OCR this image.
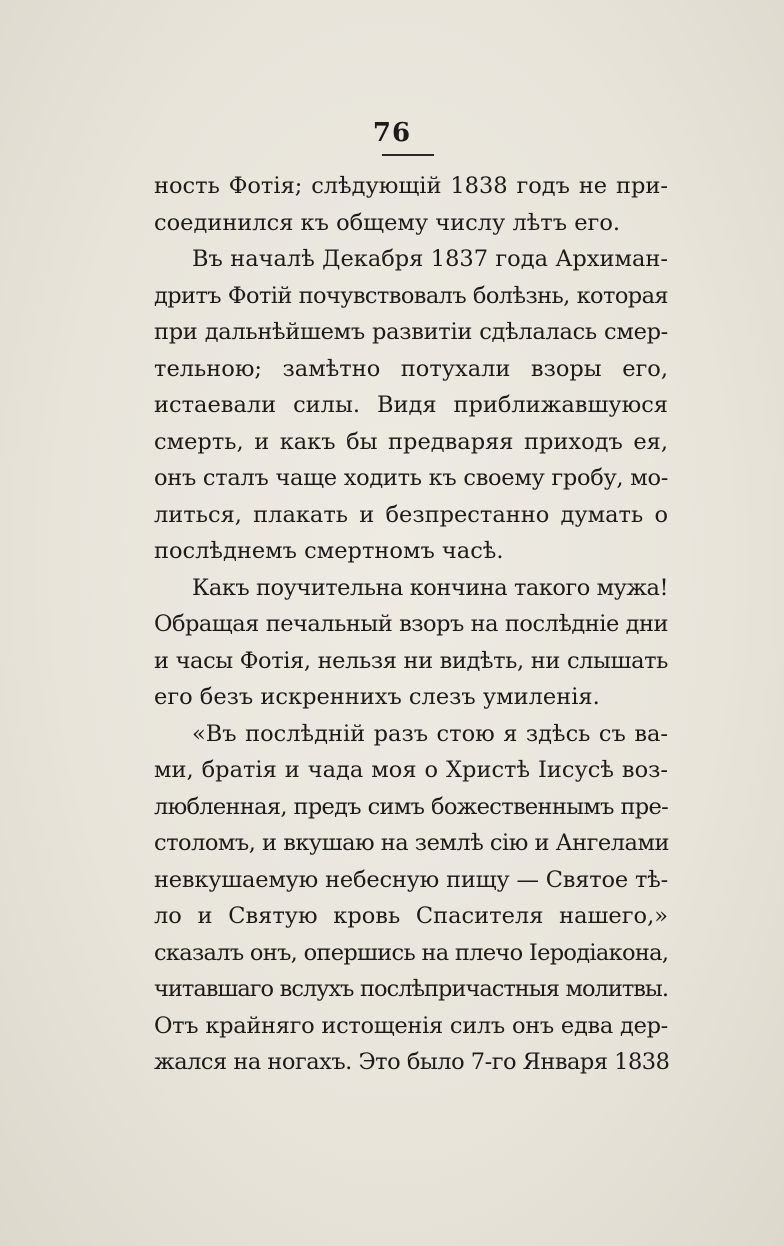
76
ность Фотія; слѣдующій 1838 годъ не при-
соединился къ общему числу лѣтъ его.
Въ началѣ Декабря 1837 года Архиман-
дритъ Фотій почувствовалъ болѣзнь, которая
при дальнѣйшемъ развитіи сдѣлалась смер-
тельною; замѣтно потухали взоры его,
истаевали силы. Видя приближавшуюся
смерть, и какъ бы предваряя приходъ ея,
онъ сталъ чаще ходить къ своему гробу, мо-
литься, плакать и безпрестанно думать о
послѣднемъ смертномъ часѣ.
Какъ поучительна кончина такого мужа!
Обращая печальный взоръ на послѣдніе дни
и часы Фотія, нельзя ни видѣть, ни слышать
его безъ искреннихъ слезъ умиленія.
«Въ послѣдній разъ стою я здѣсь съ ва-
ми, братія и чада моя о Христѣ Іисусѣ воз-
любленная, предъ симъ божественнымъ пре-
столомъ, и вкушаю на землѣ сію и Ангелами
невкушаемую небесную пищу — Святое тѣ-
ло и Святую кровь Спасителя нашего,»
сказалъ онъ, опершись на плечо Іеродіакона,
читавшаго вслухъ послѣпричастныя молитвы.
Отъ крайняго истощенія силъ онъ едва дер-
жался на ногахъ. Это было 7-го Января 1838
